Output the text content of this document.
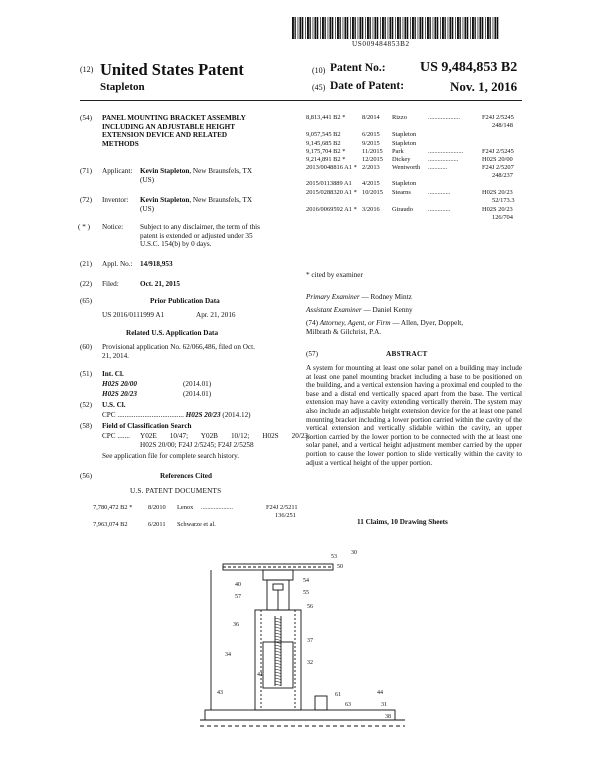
US009484853B2
(12) United States Patent
Stapleton
(10) Patent No.: US 9,484,853 B2
(45) Date of Patent:	Nov. 1, 2016
(54) PANEL MOUNTING BRACKET ASSEMBLY
INCLUDING AN ADJUSTABLE HEIGHT
EXTENSION DEVICE AND RELATED
METHODS
(71) Applicant: Kevin Stapleton, New Braunsfels, TX
(US)
(72) Inventor: Kevin Stapleton, New Braunsfels, TX
(US)
( * ) Notice: Subject to any disclaimer, the term of this
patent is extended or adjusted under 35
U.S.C. 154(b) by 0 days.
(21) Appl. No.: 14/918,953
(22) Filed:	Oct. 21, 2015
(65)	Prior Publication Data
US 2016/0111999 A1	Apr. 21, 2016
Related U.S. Application Data
(60) Provisional application No. 62/066,486, filed on Oct.
21, 2014.
(51) Int. Cl.
H02S 20/00	(2014.01)
H02S 20/23	(2014.01)
(52) U.S. Cl.
CPC ..................................... H02S 20/23 (2014.12)
(58) Field of Classification Search
CPC ....... Y02E 10/47; Y02B 10/12; H02S 20/23;
H02S 20/00; F24J 2/5245; F24J 2/5258
See application file for complete search history.
(56)	References Cited
U.S. PATENT DOCUMENTS
7,780,472 B2 * 8/2010 Lenox ....................	F24J 2/5211
136/251
7,963,074 B2	6/2011 Schwarze et al.
8,813,441 B2 *	8/2014 Rizzo	....................	F24J 2/5245
248/148
9,057,545 B2	6/2015 Stapleton
9,145,685 B2	9/2015 Stapleton
9,175,704 B2 *	11/2015 Park	......................	F24J 2/5245
9,214,891 B2 *	12/2015 Dickey	...................	H02S 20/00
2013/0048816 A1 * 2/2013 Wentworth ............	F24J 2/5207
248/237
2015/0113889 A1 4/2015 Stapleton
2015/0288320 A1 * 10/2015 Stearns	..............	H02S 20/23
52/173.3
2016/0069592 A1 * 3/2016 Giraudo ..............	H02S 20/23
126/704
* cited by examiner
Primary Examiner — Rodney Mintz
Assistant Examiner — Daniel Kenny
(74) Attorney, Agent, or Firm — Allen, Dyer, Doppelt,
Milbrath & Gilchrist, P.A.
(57)	ABSTRACT
A system for mounting at least one solar panel on a building may include at least one panel mounting bracket including a base to be positioned on the building, and a vertical extension having a proximal end coupled to the base and a distal end vertically spaced apart from the base. The vertical extension may have a cavity extending vertically therein. The system may also include an adjustable height extension device for the at least one panel mounting bracket including a lower portion carried within the cavity of the vertical extension and vertically slidable within the cavity, an upper portion carried by the lower portion to be connected with the at least one solar panel, and a vertical height adjustment member carried by the upper portion to cause the lower portion to slide vertically within the cavity to adjust a vertical height of the upper portion.
11 Claims, 10 Drawing Sheets
53
30
50
40
57
54
55
56
36
37
34
32
41
43	61
63
44
31
38
